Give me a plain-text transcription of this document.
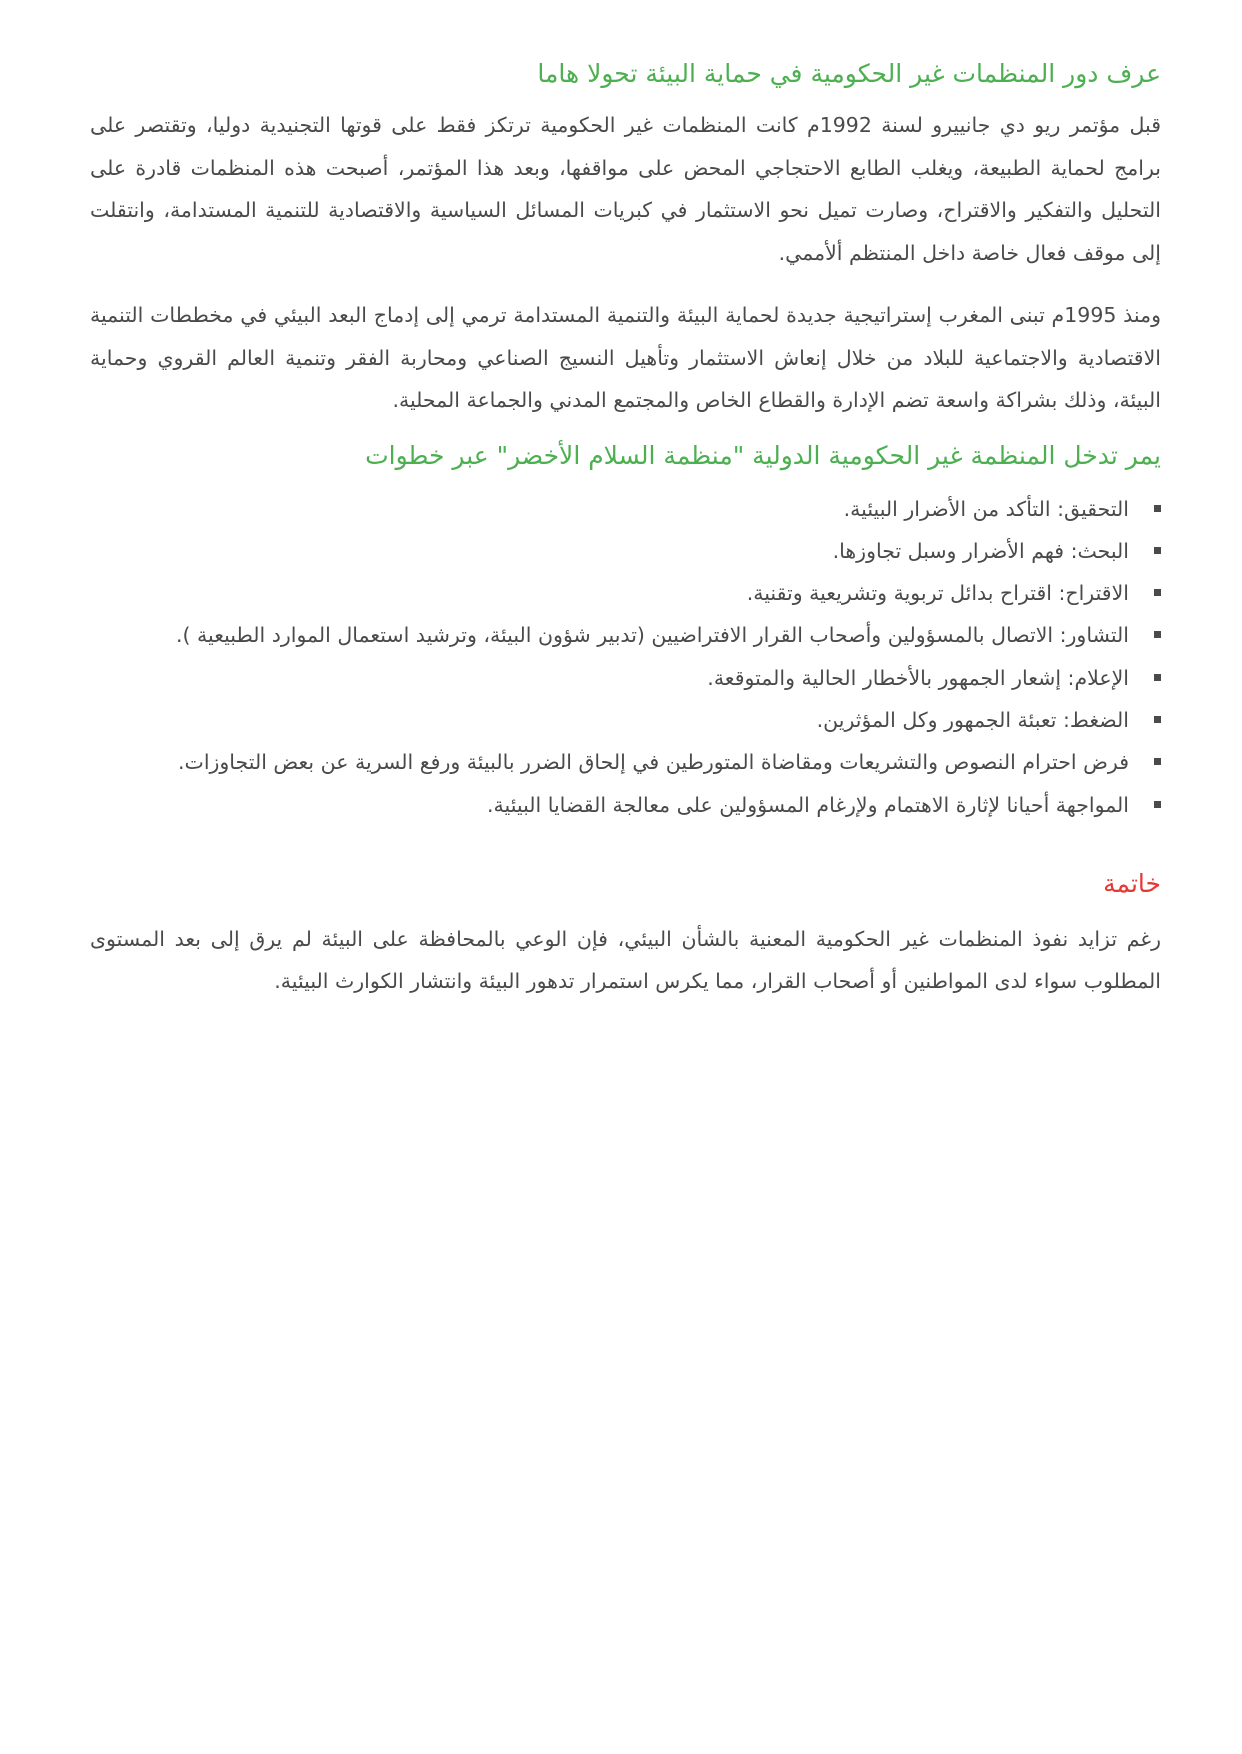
عرف دور المنظمات غير الحكومية في حماية البيئة تحولا هاما

قبل مؤتمر ريو دي جانييرو لسنة 1992م كانت المنظمات غير الحكومية ترتكز فقط على قوتها التجنيدية دوليا، وتقتصر على برامج لحماية الطبيعة، ويغلب الطابع الاحتجاجي المحض على مواقفها، وبعد هذا المؤتمر، أصبحت هذه المنظمات قادرة على التحليل والتفكير والاقتراح، وصارت تميل نحو الاستثمار في كبريات المسائل السياسية والاقتصادية للتنمية المستدامة، وانتقلت إلى موقف فعال خاصة داخل المنتظم ألأممي.

ومنذ 1995م تبنى المغرب إستراتيجية جديدة لحماية البيئة والتنمية المستدامة ترمي إلى إدماج البعد البيئي في مخططات التنمية الاقتصادية والاجتماعية للبلاد من خلال إنعاش الاستثمار وتأهيل النسيج الصناعي ومحاربة الفقر وتنمية العالم القروي وحماية البيئة، وذلك بشراكة واسعة تضم الإدارة والقطاع الخاص والمجتمع المدني والجماعة المحلية.

يمر تدخل المنظمة غير الحكومية الدولية "منظمة السلام الأخضر" عبر خطوات
التحقيق: التأكد من الأضرار البيئية.
البحث: فهم الأضرار وسبل تجاوزها.
الاقتراح: اقتراح بدائل تربوية وتشريعية وتقنية.
التشاور: الاتصال بالمسؤولين وأصحاب القرار الافتراضيين (تدبير شؤون البيئة، وترشيد استعمال الموارد الطبيعية ).
الإعلام: إشعار الجمهور بالأخطار الحالية والمتوقعة.
الضغط: تعبئة الجمهور وكل المؤثرين.
فرض احترام النصوص والتشريعات ومقاضاة المتورطين في إلحاق الضرر بالبيئة ورفع السرية عن بعض التجاوزات.
المواجهة أحيانا لإثارة الاهتمام ولإرغام المسؤولين على معالجة القضايا البيئية.
خاتمة

رغم تزايد نفوذ المنظمات غير الحكومية المعنية بالشأن البيئي، فإن الوعي بالمحافظة على البيئة لم يرق إلى بعد المستوى المطلوب سواء لدى المواطنين أو أصحاب القرار، مما يكرس استمرار تدهور البيئة وانتشار الكوارث البيئية.
